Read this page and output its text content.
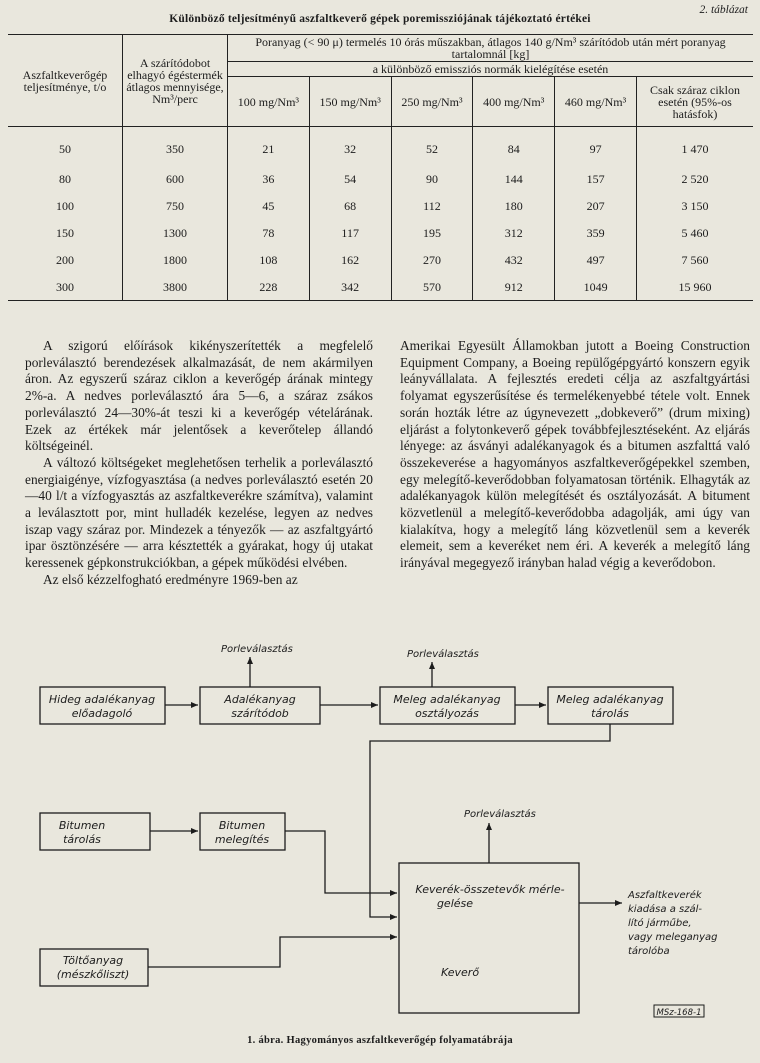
2. táblázat
Különböző teljesítményű aszfaltkeverő gépek poremissziójának tájékoztató értékei
Aszfaltkeverőgép teljesítménye, t/o	A szárítódobot elhagyó égéstermék átlagos mennyisége, Nm³/perc	Poranyag (< 90 μ) termelés 10 órás műszakban, átlagos 140 g/Nm³ szárítódob után mért poranyag tartalomnál [kg]					
		a különböző emissziós normák kielégítése esetén					
		100 mg/Nm³	150 mg/Nm³	250 mg/Nm³	400 mg/Nm³	460 mg/Nm³	Csak száraz ciklon esetén (95%-os hatásfok)
50	350	21	32	52	84	97	1 470
80	600	36	54	90	144	157	2 520
100	750	45	68	112	180	207	3 150
150	1300	78	117	195	312	359	5 460
200	1800	108	162	270	432	497	7 560
300	3800	228	342	570	912	1049	15 960

A szigorú előírások kikényszerítették a megfelelő porleválasztó berendezések alkalmazását, de nem akármilyen áron. Az egyszerű száraz ciklon a keverőgép árának mintegy 2%-a. A nedves porleválasztó ára 5—6, a száraz zsákos porleválasztó 24—30%-át teszi ki a keverőgép vételárának. Ezek az értékek már jelentősek a keverőtelep állandó költségeinél.

A változó költségeket meglehetősen terhelik a porleválasztó energiaigénye, vízfogyasztása (a nedves porleválasztó esetén 20—40 l/t a vízfogyasztás az aszfaltkeverékre számítva), valamint a leválasztott por, mint hulladék kezelése, legyen az nedves iszap vagy száraz por. Mindezek a tényezők — az aszfaltgyártó ipar ösztönzésére — arra késztették a gyárakat, hogy új utakat keressenek gépkonstrukciókban, a gépek működési elvében.

Az első kézzelfogható eredményre 1969-ben az

Amerikai Egyesült Államokban jutott a Boeing Construction Equipment Company, a Boeing repülőgépgyártó konszern egyik leányvállalata. A fejlesztés eredeti célja az aszfaltgyártási folyamat egyszerűsítése és termelékenyebbé tétele volt. Ennek során hozták létre az úgynevezett „dobkeverő” (drum mixing) eljárást a folytonkeverő gépek továbbfejlesztéseként. Az eljárás lényege: az ásványi adalékanyagok és a bitumen aszfalttá való összekeverése a hagyományos aszfaltkeverőgépekkel szemben, egy melegítő-keverődobban folyamatosan történik. Elhagyták az adalékanyagok külön melegítését és osztályozását. A bitument közvetlenül a melegítő-keverődobba adagolják, ami úgy van kialakítva, hogy a melegítő láng közvetlenül sem a keverék elemeit, sem a keveréket nem éri. A keverék a melegítő láng irányával megegyező irányban halad végig a keverődobon.

Porleválasztás	Porleválasztás
Porleválasztás
Hideg adalékanyag
előadagoló
Adalékanyag
szárítódob
Meleg adalékanyag
osztályozás
Meleg adalékanyag
tárolás
Bitumen
tárolás
Bitumen
melegítés
Töltőanyag
(mészkőliszt)
Keverék-összetevők mérle-
gelése
Keverő
Aszfaltkeverék
kiadása a szál-
lító járműbe,
vagy meleganyag
tárolóba
MSz-168-1
1. ábra. Hagyományos aszfaltkeverőgép folyamatábrája
